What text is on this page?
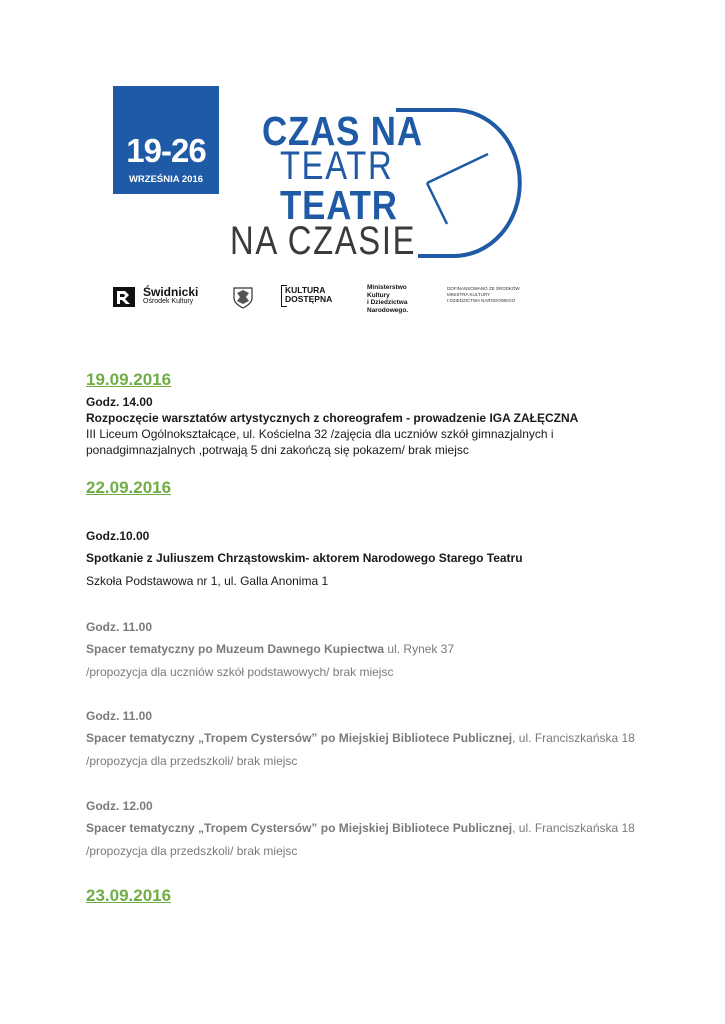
19-26
WRZEŚNIA 2016
CZAS NA
TEATR
TEATR
NA CZASIE
Świdnicki
Ośrodek Kultury
KULTURA
DOSTĘPNA
Ministerstwo
Kultury
i Dziedzictwa
Narodowego.
DOFINANSOWANO ZE ŚRODKÓW
MINISTRA KULTURY
I DZIEDZICTWA NARODOWEGO
19.09.2016
Godz. 14.00
Rozpoczęcie warsztatów artystycznych z choreografem - prowadzenie IGA ZAŁĘCZNA
III Liceum Ogólnokształcące, ul. Kościelna 32 /zajęcia dla uczniów szkół gimnazjalnych i
ponadgimnazjalnych ,potrwają 5 dni zakończą się pokazem/ brak miejsc
22.09.2016
Godz.10.00
Spotkanie z Juliuszem Chrząstowskim- aktorem Narodowego Starego Teatru
Szkoła Podstawowa nr 1, ul. Galla Anonima 1
Godz. 11.00
Spacer tematyczny po Muzeum Dawnego Kupiectwa ul. Rynek 37
/propozycja dla uczniów szkół podstawowych/ brak miejsc
Godz. 11.00
Spacer tematyczny „Tropem Cystersów” po Miejskiej Bibliotece Publicznej, ul. Franciszkańska 18
/propozycja dla przedszkoli/ brak miejsc
Godz. 12.00
Spacer tematyczny „Tropem Cystersów” po Miejskiej Bibliotece Publicznej, ul. Franciszkańska 18
/propozycja dla przedszkoli/ brak miejsc
23.09.2016
